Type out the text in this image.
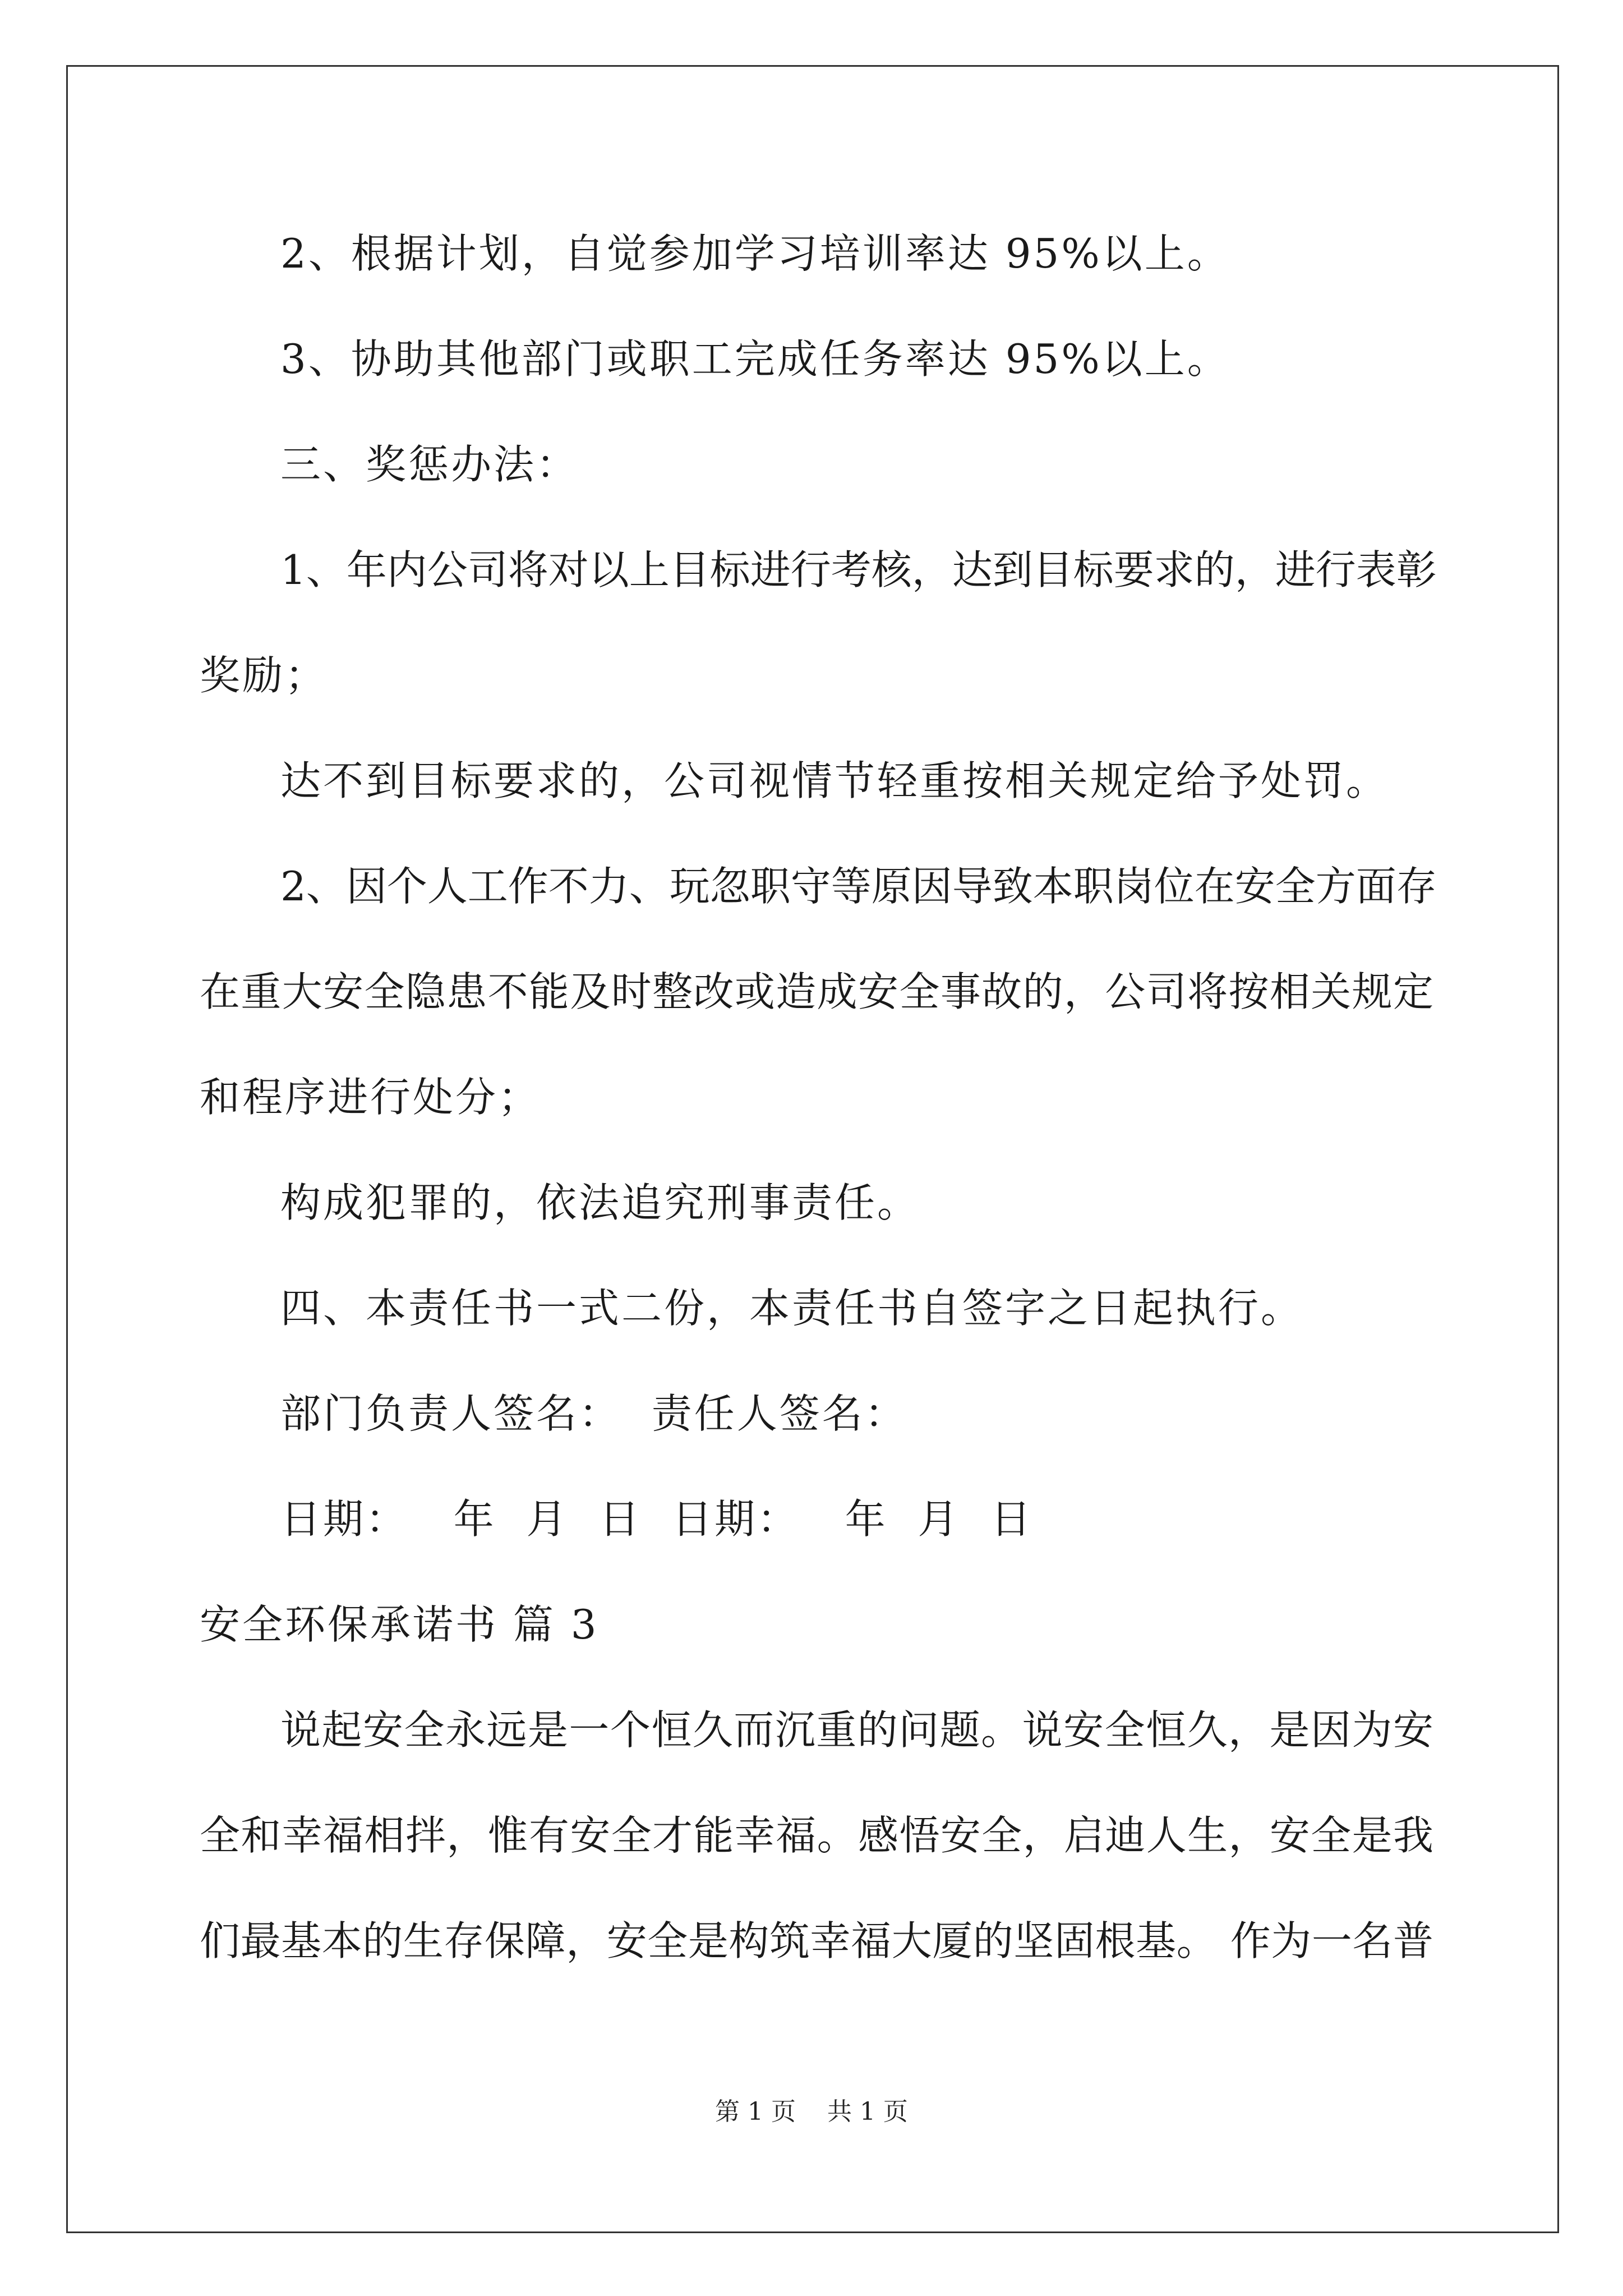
2、根据计划，自觉参加学习培训率达 95%以上。
3、协助其他部门或职工完成任务率达 95%以上。
三、奖惩办法：
1、年内公司将对以上目标进行考核，达到目标要求的，进行表彰
奖励；
达不到目标要求的，公司视情节轻重按相关规定给予处罚。
2、因个人工作不力、玩忽职守等原因导致本职岗位在安全方面存
在重大安全隐患不能及时整改或造成安全事故的，公司将按相关规定
和程序进行处分；
构成犯罪的，依法追究刑事责任。
四、本责任书一式二份，本责任书自签字之日起执行。
部门负责人签名：  责任人签名：
日期：   年  月  日  日期：   年  月  日
安全环保承诺书 篇 3
说起安全永远是一个恒久而沉重的问题。说安全恒久，是因为安
全和幸福相拌，惟有安全才能幸福。感悟安全，启迪人生，安全是我
们最基本的生存保障，安全是构筑幸福大厦的坚固根基。 作为一名普
第 1 页    共 1 页
